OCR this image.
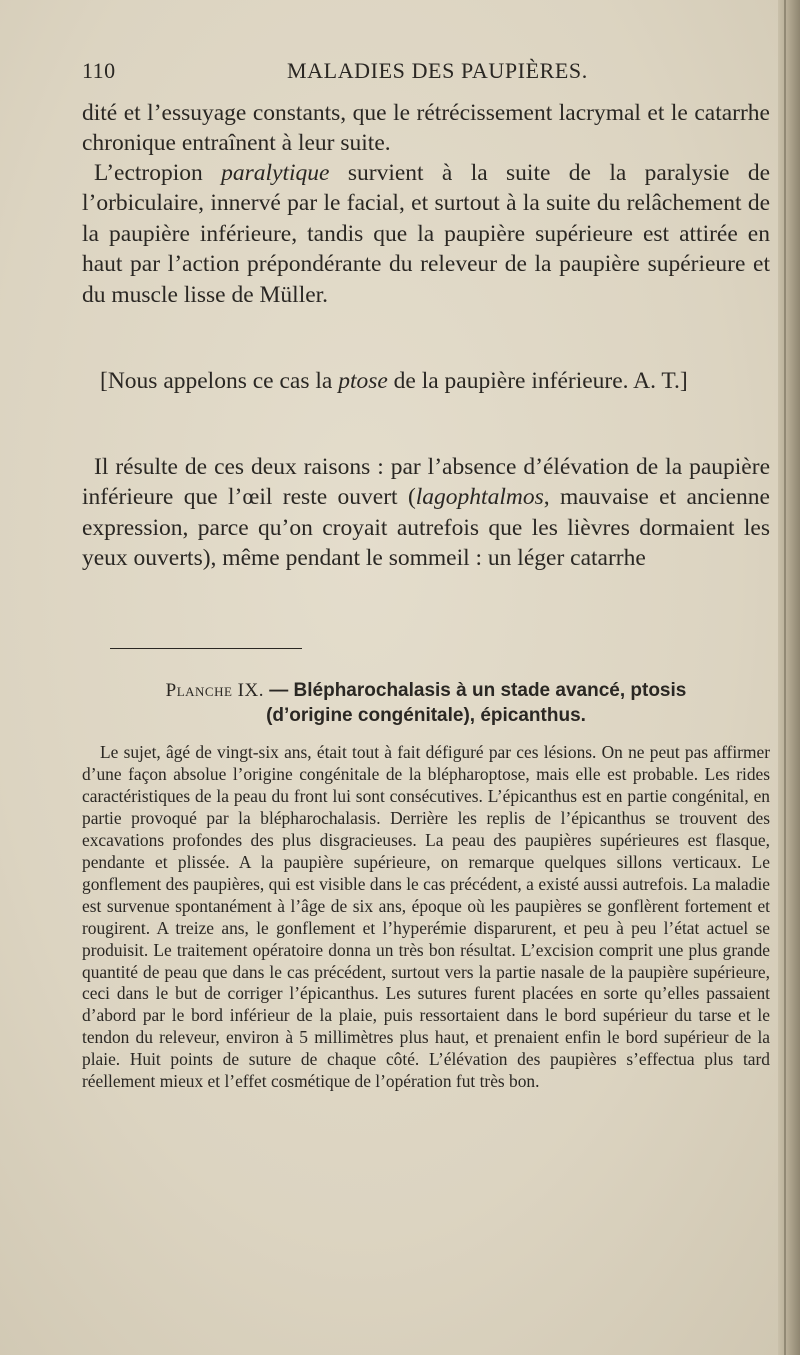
110	MALADIES DES PAUPIÈRES.

dité et l’essuyage constants, que le rétrécissement lacrymal et le catarrhe chronique entraînent à leur suite.

L’ectropion paralytique survient à la suite de la paralysie de l’orbiculaire, innervé par le facial, et surtout à la suite du relâchement de la paupière inférieure, tandis que la paupière supérieure est attirée en haut par l’action prépondérante du releveur de la paupière supérieure et du muscle lisse de Müller.

[Nous appelons ce cas la ptose de la paupière inférieure. A. T.]

Il résulte de ces deux raisons : par l’absence d’élévation de la paupière inférieure que l’œil reste ouvert (lagophtalmos, mauvaise et ancienne expression, parce qu’on croyait autrefois que les lièvres dormaient les yeux ouverts), même pendant le sommeil : un léger catarrhe

Planche IX. — Blépharochalasis à un stade avancé, ptosis
(d’origine congénitale), épicanthus.

Le sujet, âgé de vingt-six ans, était tout à fait défiguré par ces lésions. On ne peut pas affirmer d’une façon absolue l’origine congénitale de la blépharoptose, mais elle est probable. Les rides caractéristiques de la peau du front lui sont consécutives. L’épicanthus est en partie congénital, en partie provoqué par la blépharochalasis. Derrière les replis de l’épicanthus se trouvent des excavations profondes des plus disgracieuses. La peau des paupières supérieures est flasque, pendante et plissée. A la paupière supérieure, on remarque quelques sillons verticaux. Le gonflement des paupières, qui est visible dans le cas précédent, a existé aussi autrefois. La maladie est survenue spontanément à l’âge de six ans, époque où les paupières se gonflèrent fortement et rougirent. A treize ans, le gonflement et l’hyperémie disparurent, et peu à peu l’état actuel se produisit. Le traitement opératoire donna un très bon résultat. L’excision comprit une plus grande quantité de peau que dans le cas précédent, surtout vers la partie nasale de la paupière supérieure, ceci dans le but de corriger l’épicanthus. Les sutures furent placées en sorte qu’elles passaient d’abord par le bord inférieur de la plaie, puis ressortaient dans le bord supérieur du tarse et le tendon du releveur, environ à 5 millimètres plus haut, et prenaient enfin le bord supérieur de la plaie. Huit points de suture de chaque côté. L’élévation des paupières s’effectua plus tard réellement mieux et l’effet cosmétique de l’opération fut très bon.
